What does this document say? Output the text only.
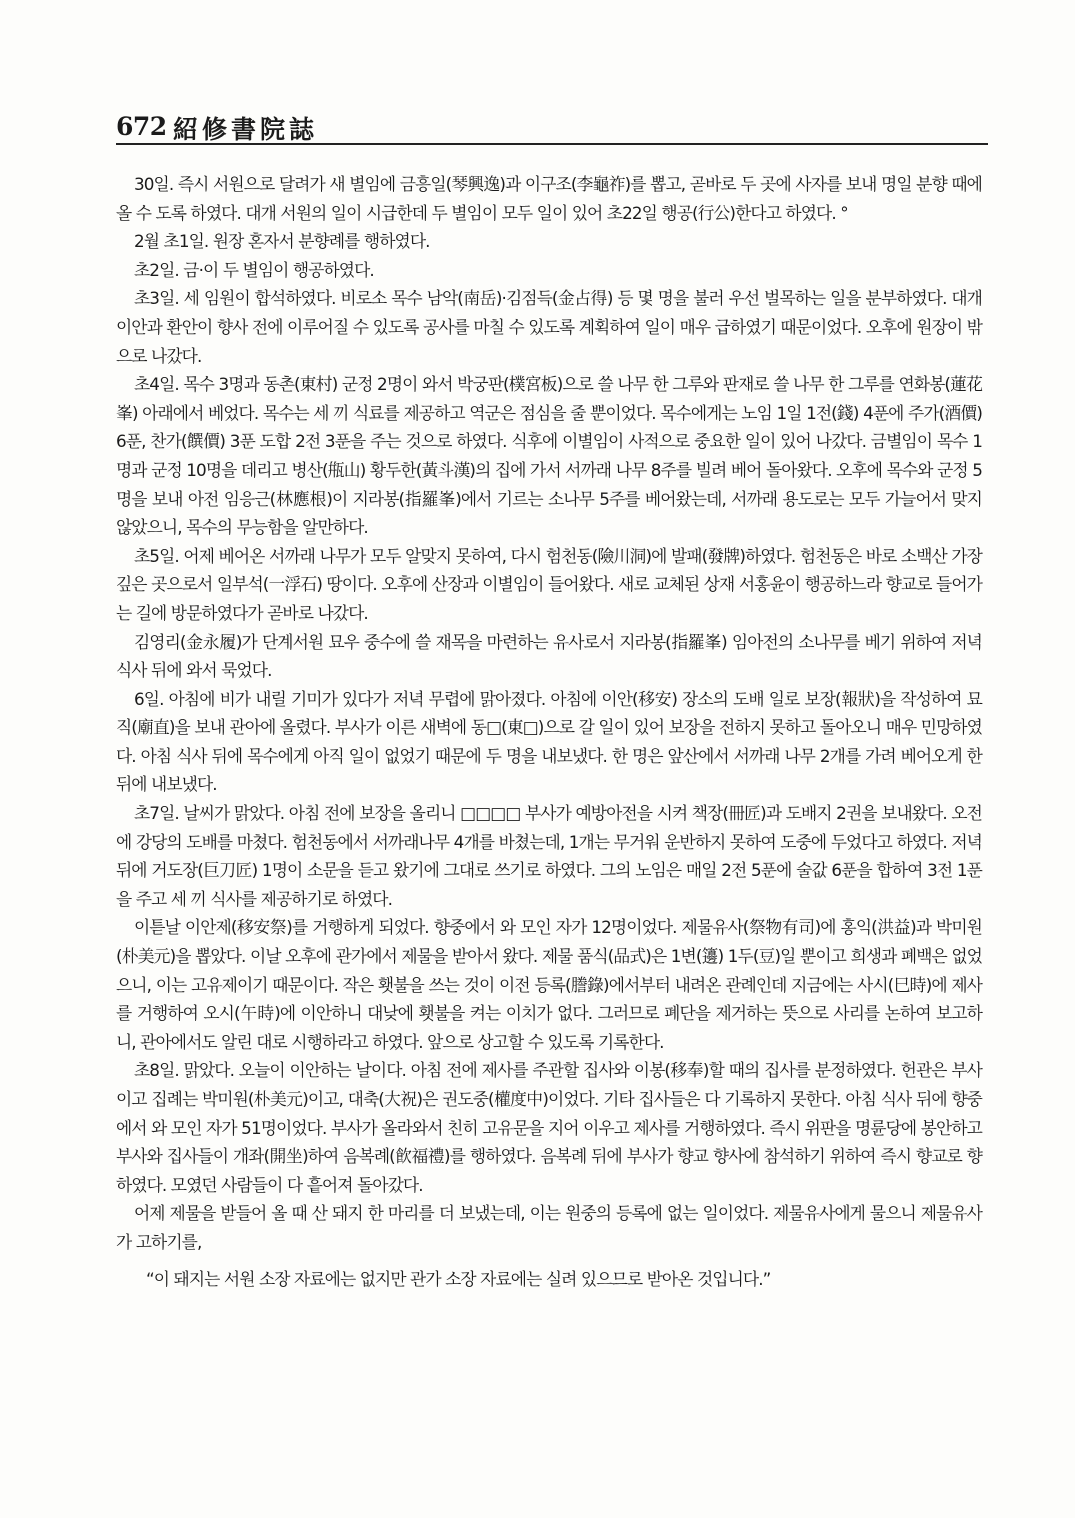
672 紹修書院誌

30일. 즉시 서원으로 달려가 새 별임에 금흥일(琴興逸)과 이구조(李龜祚)를 뽑고, 곧바로 두 곳에 사자를 보내 명일 분향 때에 올 수 도록 하였다. 대개 서원의 일이 시급한데 두 별임이 모두 일이 있어 초22일 행공(行公)한다고 하였다. °

2월 초1일. 원장 혼자서 분향례를 행하였다.

초2일. 금·이 두 별임이 행공하였다.

초3일. 세 임원이 합석하였다. 비로소 목수 남악(南岳)·김점득(金占得) 등 몇 명을 불러 우선 벌목하는 일을 분부하였다. 대개 이안과 환안이 향사 전에 이루어질 수 있도록 공사를 마칠 수 있도록 계획하여 일이 매우 급하였기 때문이었다. 오후에 원장이 밖으로 나갔다.

초4일. 목수 3명과 동촌(東村) 군정 2명이 와서 박궁판(樸宮板)으로 쓸 나무 한 그루와 판재로 쓸 나무 한 그루를 연화봉(蓮花峯) 아래에서 베었다. 목수는 세 끼 식료를 제공하고 역군은 점심을 줄 뿐이었다. 목수에게는 노임 1일 1전(錢) 4푼에 주가(酒價) 6푼, 찬가(饌價) 3푼 도합 2전 3푼을 주는 것으로 하였다. 식후에 이별임이 사적으로 중요한 일이 있어 나갔다. 금별임이 목수 1명과 군정 10명을 데리고 병산(甁山) 황두한(黃斗漢)의 집에 가서 서까래 나무 8주를 빌려 베어 돌아왔다. 오후에 목수와 군정 5명을 보내 아전 임응근(林應根)이 지라봉(指羅峯)에서 기르는 소나무 5주를 베어왔는데, 서까래 용도로는 모두 가늘어서 맞지 않았으니, 목수의 무능함을 알만하다.

초5일. 어제 베어온 서까래 나무가 모두 알맞지 못하여, 다시 험천동(險川洞)에 발패(發牌)하였다. 험천동은 바로 소백산 가장 깊은 곳으로서 일부석(一浮石) 땅이다. 오후에 산장과 이별임이 들어왔다. 새로 교체된 상재 서홍윤이 행공하느라 향교로 들어가는 길에 방문하였다가 곧바로 나갔다.

김영리(金永履)가 단계서원 묘우 중수에 쓸 재목을 마련하는 유사로서 지라봉(指羅峯) 임아전의 소나무를 베기 위하여 저녁 식사 뒤에 와서 묵었다.

6일. 아침에 비가 내릴 기미가 있다가 저녁 무렵에 맑아졌다. 아침에 이안(移安) 장소의 도배 일로 보장(報狀)을 작성하여 묘직(廟直)을 보내 관아에 올렸다. 부사가 이른 새벽에 동□(東□)으로 갈 일이 있어 보장을 전하지 못하고 돌아오니 매우 민망하였다. 아침 식사 뒤에 목수에게 아직 일이 없었기 때문에 두 명을 내보냈다. 한 명은 앞산에서 서까래 나무 2개를 가려 베어오게 한 뒤에 내보냈다.

초7일. 날씨가 맑았다. 아침 전에 보장을 올리니 □□□□ 부사가 예방아전을 시켜 책장(冊匠)과 도배지 2권을 보내왔다. 오전에 강당의 도배를 마쳤다. 험천동에서 서까래나무 4개를 바쳤는데, 1개는 무거워 운반하지 못하여 도중에 두었다고 하였다. 저녁 뒤에 거도장(巨刀匠) 1명이 소문을 듣고 왔기에 그대로 쓰기로 하였다. 그의 노임은 매일 2전 5푼에 술값 6푼을 합하여 3전 1푼을 주고 세 끼 식사를 제공하기로 하였다.

이튿날 이안제(移安祭)를 거행하게 되었다. 향중에서 와 모인 자가 12명이었다. 제물유사(祭物有司)에 홍익(洪益)과 박미원(朴美元)을 뽑았다. 이날 오후에 관가에서 제물을 받아서 왔다. 제물 품식(品式)은 1변(籩) 1두(豆)일 뿐이고 희생과 폐백은 없었으니, 이는 고유제이기 때문이다. 작은 횃불을 쓰는 것이 이전 등록(謄錄)에서부터 내려온 관례인데 지금에는 사시(巳時)에 제사를 거행하여 오시(午時)에 이안하니 대낮에 횃불을 켜는 이치가 없다. 그러므로 폐단을 제거하는 뜻으로 사리를 논하여 보고하니, 관아에서도 알린 대로 시행하라고 하였다. 앞으로 상고할 수 있도록 기록한다.

초8일. 맑았다. 오늘이 이안하는 날이다. 아침 전에 제사를 주관할 집사와 이봉(移奉)할 때의 집사를 분정하였다. 헌관은 부사이고 집례는 박미원(朴美元)이고, 대축(大祝)은 권도중(權度中)이었다. 기타 집사들은 다 기록하지 못한다. 아침 식사 뒤에 향중에서 와 모인 자가 51명이었다. 부사가 올라와서 친히 고유문을 지어 이우고 제사를 거행하였다. 즉시 위판을 명륜당에 봉안하고 부사와 집사들이 개좌(開坐)하여 음복례(飮福禮)를 행하였다. 음복례 뒤에 부사가 향교 향사에 참석하기 위하여 즉시 향교로 향하였다. 모였던 사람들이 다 흩어져 돌아갔다.

어제 제물을 받들어 올 때 산 돼지 한 마리를 더 보냈는데, 이는 원중의 등록에 없는 일이었다. 제물유사에게 물으니 제물유사가 고하기를,

“이 돼지는 서원 소장 자료에는 없지만 관가 소장 자료에는 실려 있으므로 받아온 것입니다.”
